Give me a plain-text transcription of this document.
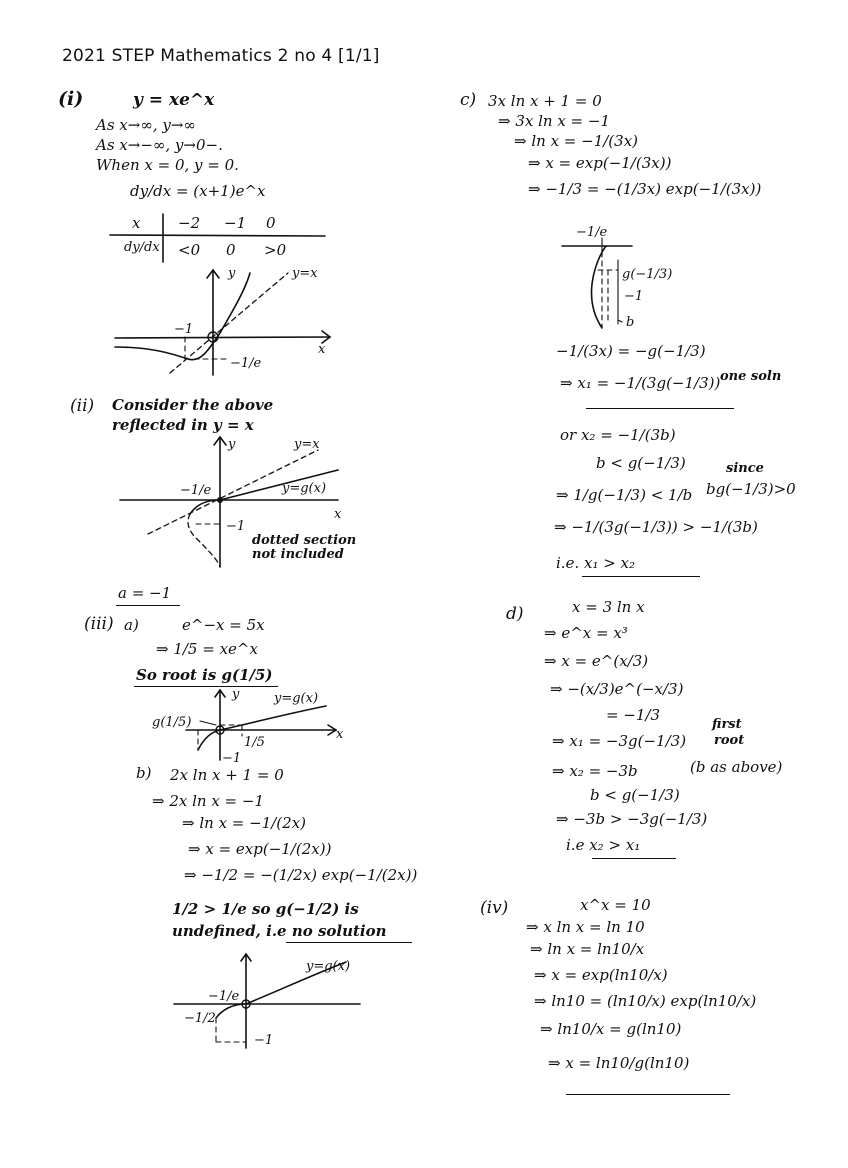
2021 STEP Mathematics 2 no 4 [1/1]
(i)	y = xe^x
As x→∞, y→∞
As x→−∞, y→0−.
When x = 0, y = 0.
dy/dx = (x+1)e^x
x	−2 −1 0
dy/dx <0 0 >0
y
x
y=x
−1
−1/e
(ii) Consider the above
reflected in y = x
y
x
y=x
y=g(x)
−1/e
−1
dotted section
not included
a = −1
(iii) a)	e^−x = 5x
⇒ 1/5 = xe^x
So root is g(1/5)
y	y=g(x)
g(1/5)
x
1/5
−1
b) 2x ln x + 1 = 0
⇒ 2x ln x = −1
⇒ ln x = −1/(2x)
⇒ x = exp(−1/(2x))
⇒ −1/2 = −(1/2x) exp(−1/(2x))
1/2 > 1/e so g(−1/2) is
undefined, i.e no solution
y=g(x)
−1/e
−1/2
−1
c) 3x ln x + 1 = 0
⇒ 3x ln x = −1
⇒ ln x = −1/(3x)
⇒ x = exp(−1/(3x))
⇒ −1/3 = −(1/3x) exp(−1/(3x))
−1/e
g(−1/3)
−1
b
−1/(3x) = −g(−1/3)
⇒ x₁ = −1/(3g(−1/3)) one soln
or x₂ = −1/(3b)
b < g(−1/3)	since
bg(−1/3)>0
⇒ 1/g(−1/3) < 1/b
⇒ −1/(3g(−1/3)) > −1/(3b)
i.e. x₁ > x₂
d)	x = 3 ln x
⇒ e^x = x³
⇒ x = e^(x/3)
⇒ −(x/3)e^(−x/3)
= −1/3
⇒ x₁ = −3g(−1/3)
first
root
⇒ x₂ = −3b	(b as above)
b < g(−1/3)
⇒ −3b > −3g(−1/3)
i.e x₂ > x₁
(iv)	x^x = 10
⇒ x ln x = ln 10
⇒ ln x = ln10/x
⇒ x = exp(ln10/x)
⇒ ln10 = (ln10/x) exp(ln10/x)
⇒ ln10/x = g(ln10)
⇒ x = ln10/g(ln10)
